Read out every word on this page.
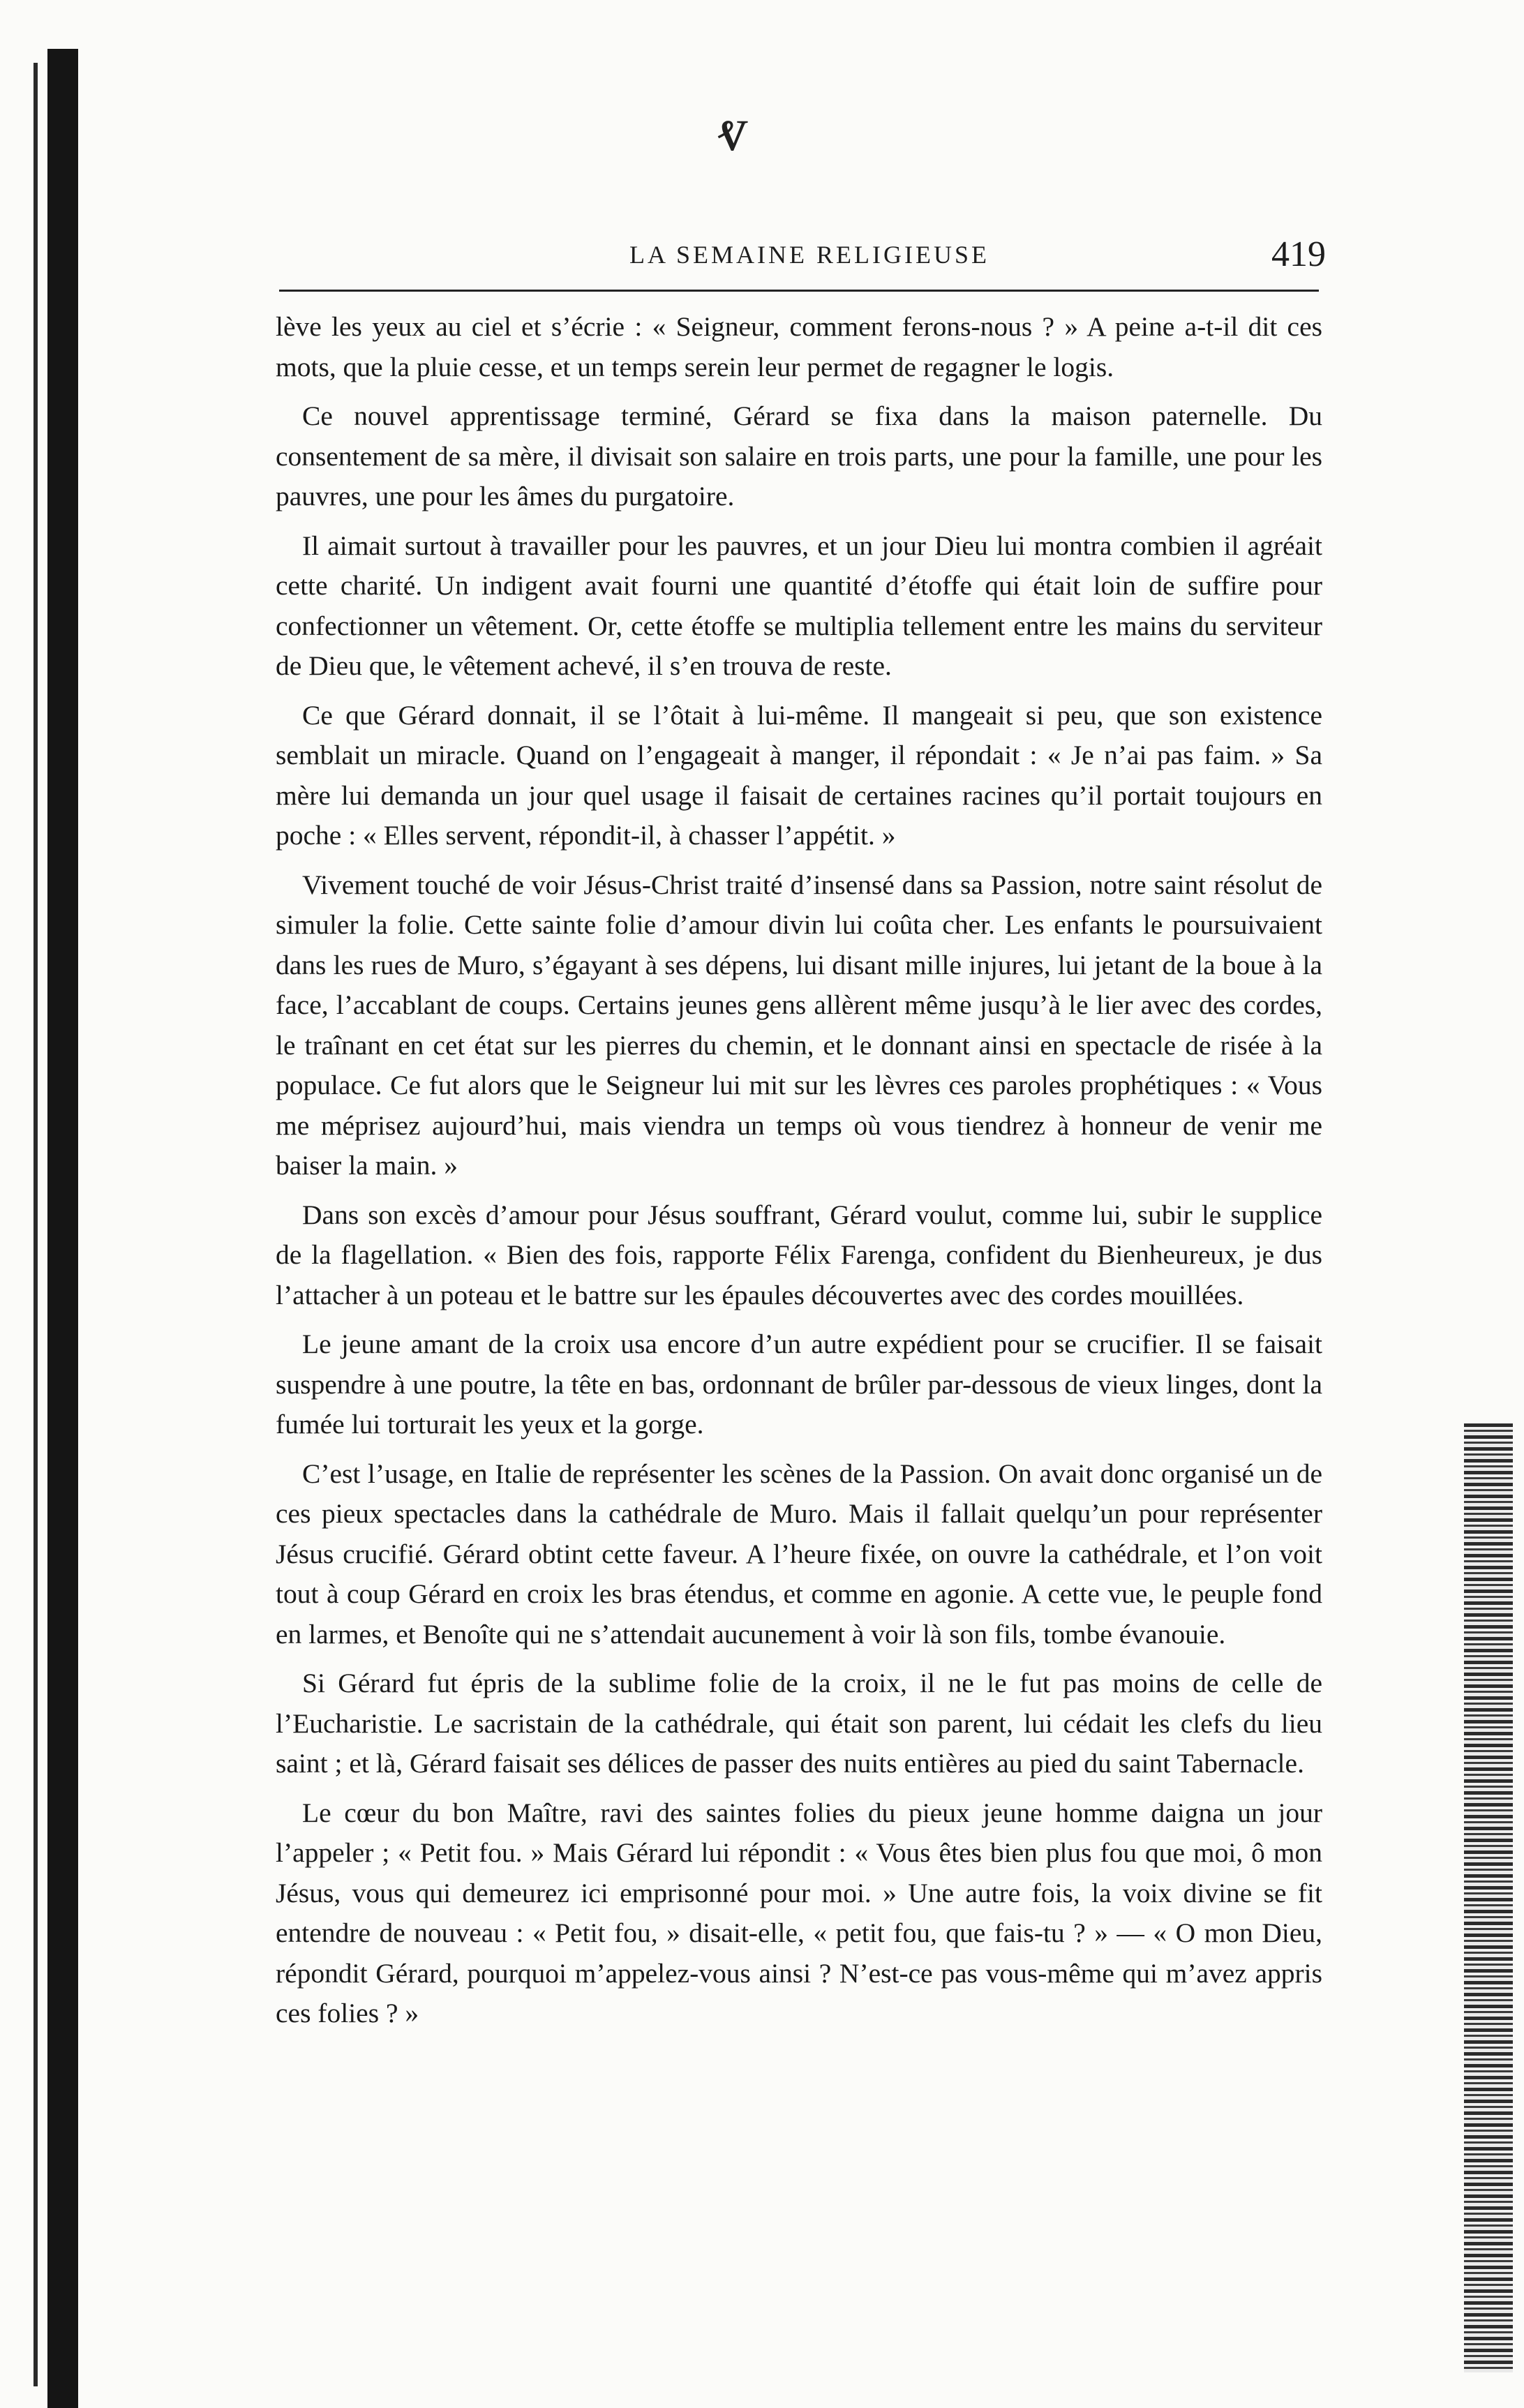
ⱴ
LA SEMAINE RELIGIEUSE	419

lève les yeux au ciel et s’écrie : « Seigneur, comment ferons-nous ? » A peine a-t-il dit ces mots, que la pluie cesse, et un temps serein leur permet de regagner le logis.

Ce nouvel apprentissage terminé, Gérard se fixa dans la maison paternelle. Du consentement de sa mère, il divisait son salaire en trois parts, une pour la famille, une pour les pauvres, une pour les âmes du purgatoire.

Il aimait surtout à travailler pour les pauvres, et un jour Dieu lui montra combien il agréait cette charité. Un indigent avait fourni une quantité d’étoffe qui était loin de suffire pour confectionner un vêtement. Or, cette étoffe se multiplia tellement entre les mains du serviteur de Dieu que, le vêtement achevé, il s’en trouva de reste.

Ce que Gérard donnait, il se l’ôtait à lui-même. Il mangeait si peu, que son existence semblait un miracle. Quand on l’engageait à manger, il répondait : « Je n’ai pas faim. » Sa mère lui demanda un jour quel usage il faisait de certaines racines qu’il portait toujours en poche : « Elles servent, répondit-il, à chasser l’appétit. »

Vivement touché de voir Jésus-Christ traité d’insensé dans sa Passion, notre saint résolut de simuler la folie. Cette sainte folie d’amour divin lui coûta cher. Les enfants le poursuivaient dans les rues de Muro, s’égayant à ses dépens, lui disant mille injures, lui jetant de la boue à la face, l’accablant de coups. Certains jeunes gens allèrent même jusqu’à le lier avec des cordes, le traînant en cet état sur les pierres du chemin, et le donnant ainsi en spectacle de risée à la populace. Ce fut alors que le Seigneur lui mit sur les lèvres ces paroles prophétiques : « Vous me méprisez aujourd’hui, mais viendra un temps où vous tiendrez à honneur de venir me baiser la main. »

Dans son excès d’amour pour Jésus souffrant, Gérard voulut, comme lui, subir le supplice de la flagellation. « Bien des fois, rapporte Félix Farenga, confident du Bienheureux, je dus l’attacher à un poteau et le battre sur les épaules découvertes avec des cordes mouillées.

Le jeune amant de la croix usa encore d’un autre expédient pour se crucifier. Il se faisait suspendre à une poutre, la tête en bas, ordonnant de brûler par-dessous de vieux linges, dont la fumée lui torturait les yeux et la gorge.

C’est l’usage, en Italie de représenter les scènes de la Passion. On avait donc organisé un de ces pieux spectacles dans la cathédrale de Muro. Mais il fallait quelqu’un pour représenter Jésus crucifié. Gérard obtint cette faveur. A l’heure fixée, on ouvre la cathédrale, et l’on voit tout à coup Gérard en croix les bras étendus, et comme en agonie. A cette vue, le peuple fond en larmes, et Benoîte qui ne s’attendait aucunement à voir là son fils, tombe évanouie.

Si Gérard fut épris de la sublime folie de la croix, il ne le fut pas moins de celle de l’Eucharistie. Le sacristain de la cathédrale, qui était son parent, lui cédait les clefs du lieu saint ; et là, Gérard faisait ses délices de passer des nuits entières au pied du saint Tabernacle.

Le cœur du bon Maître, ravi des saintes folies du pieux jeune homme daigna un jour l’appeler ; « Petit fou. » Mais Gérard lui répondit : « Vous êtes bien plus fou que moi, ô mon Jésus, vous qui demeurez ici emprisonné pour moi. » Une autre fois, la voix divine se fit entendre de nouveau : « Petit fou, » disait-elle, « petit fou, que fais-tu ? » — « O mon Dieu, répondit Gérard, pourquoi m’appelez-vous ainsi ? N’est-ce pas vous-même qui m’avez appris ces folies ? »
